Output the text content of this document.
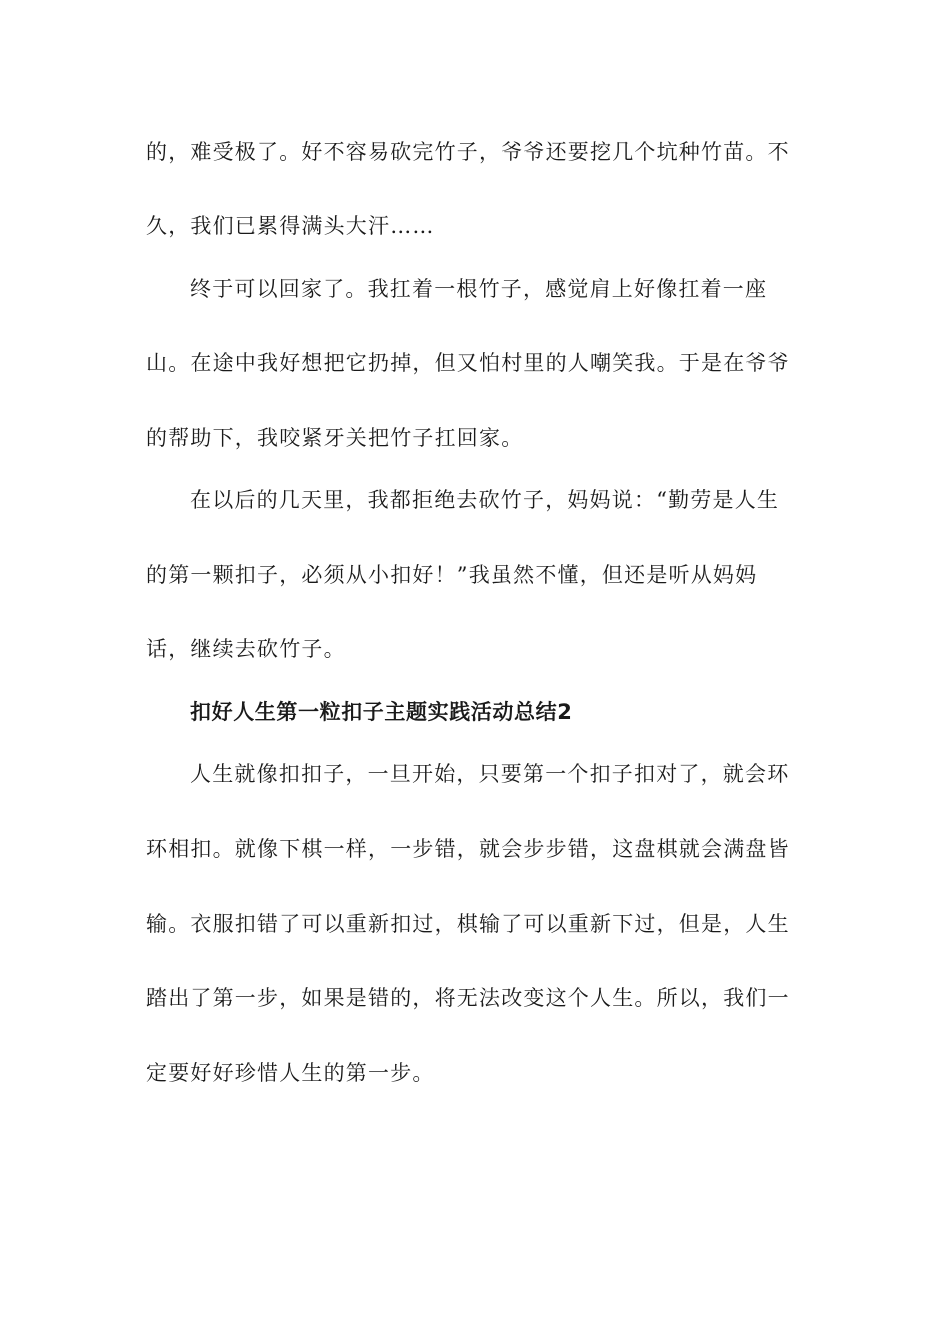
的，难受极了。好不容易砍完竹子，爷爷还要挖几个坑种竹苗。不
久，我们已累得满头大汗……
终于可以回家了。我扛着一根竹子，感觉肩上好像扛着一座
山。在途中我好想把它扔掉，但又怕村里的人嘲笑我。于是在爷爷
的帮助下，我咬紧牙关把竹子扛回家。
在以后的几天里，我都拒绝去砍竹子，妈妈说：“勤劳是人生
的第一颗扣子，必须从小扣好！”我虽然不懂，但还是听从妈妈
话，继续去砍竹子。
扣好人生第一粒扣子主题实践活动总结2
人生就像扣扣子，一旦开始，只要第一个扣子扣对了，就会环
环相扣。就像下棋一样，一步错，就会步步错，这盘棋就会满盘皆
输。衣服扣错了可以重新扣过，棋输了可以重新下过，但是，人生
踏出了第一步，如果是错的，将无法改变这个人生。所以，我们一
定要好好珍惜人生的第一步。
